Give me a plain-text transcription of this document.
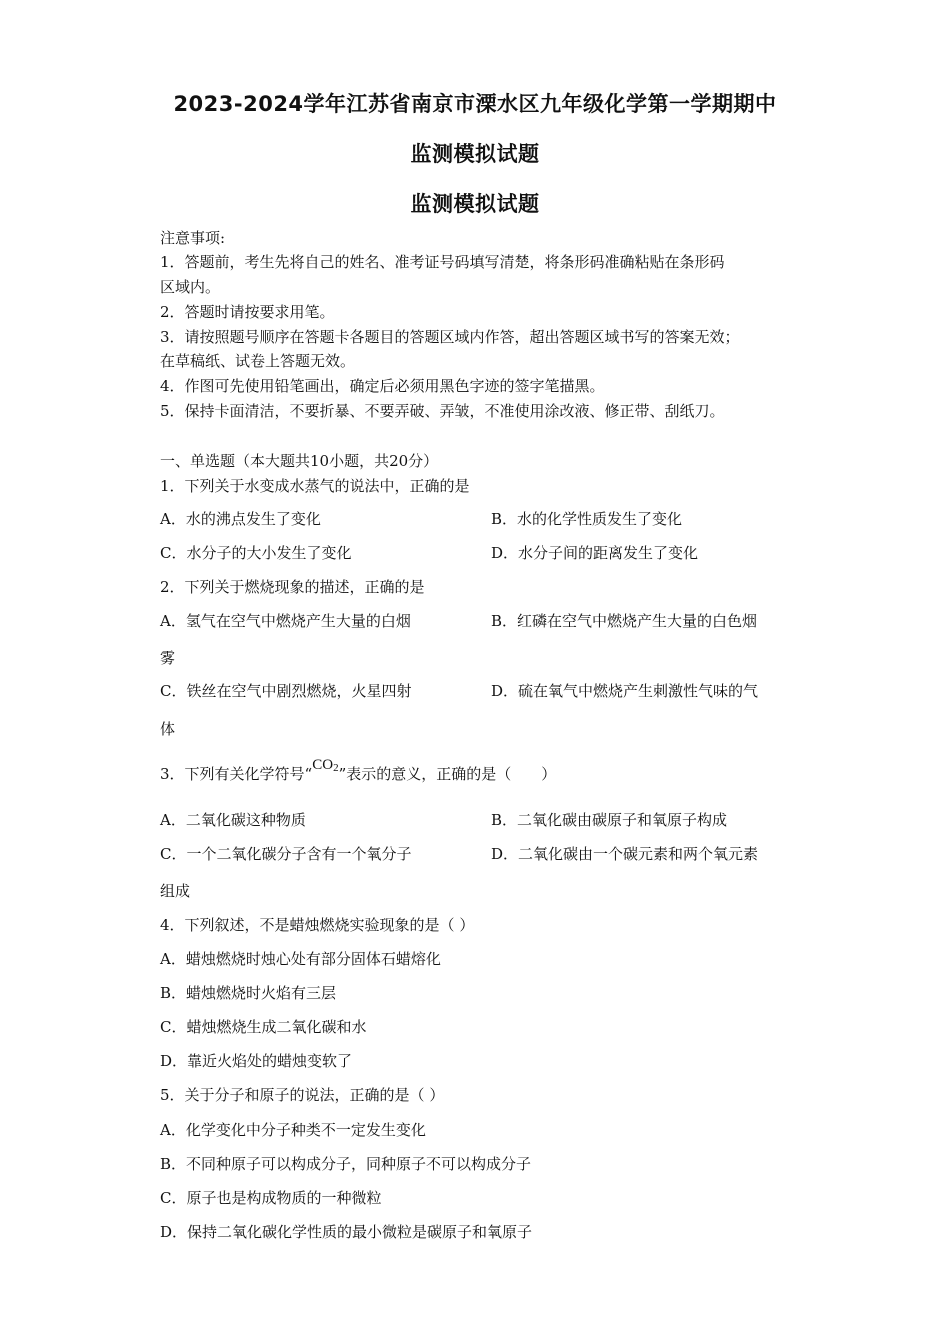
2023-2024学年江苏省南京市溧水区九年级化学第一学期期中
监测模拟试题
监测模拟试题
注意事项:
1．答题前，考生先将自己的姓名、准考证号码填写清楚，将条形码准确粘贴在条形码
区域内。
2．答题时请按要求用笔。
3．请按照题号顺序在答题卡各题目的答题区域内作答，超出答题区域书写的答案无效；
在草稿纸、试卷上答题无效。
4．作图可先使用铅笔画出，确定后必须用黑色字迹的签字笔描黑。
5．保持卡面清洁，不要折暴、不要弄破、弄皱，不准使用涂改液、修正带、刮纸刀。
一、单选题（本大题共10小题，共20分）
1．下列关于水变成水蒸气的说法中，正确的是
A．水的沸点发生了变化	B．水的化学性质发生了变化
C．水分子的大小发生了变化	D．水分子间的距离发生了变化
2．下列关于燃烧现象的描述，正确的是
A．氢气在空气中燃烧产生大量的白烟	B．红磷在空气中燃烧产生大量的白色烟
雾
C．铁丝在空气中剧烈燃烧，火星四射	D．硫在氧气中燃烧产生刺激性气味的气
体
3．下列有关化学符号“CO2”表示的意义，正确的是（　　）
A．二氧化碳这种物质	B．二氧化碳由碳原子和氧原子构成
C．一个二氧化碳分子含有一个氧分子	D．二氧化碳由一个碳元素和两个氧元素
组成
4．下列叙述，不是蜡烛燃烧实验现象的是（ ）
A．蜡烛燃烧时烛心处有部分固体石蜡熔化
B．蜡烛燃烧时火焰有三层
C．蜡烛燃烧生成二氧化碳和水
D．靠近火焰处的蜡烛变软了
5．关于分子和原子的说法，正确的是（ ）
A．化学变化中分子种类不一定发生变化
B．不同种原子可以构成分子，同种原子不可以构成分子
C．原子也是构成物质的一种微粒
D．保持二氧化碳化学性质的最小微粒是碳原子和氧原子
